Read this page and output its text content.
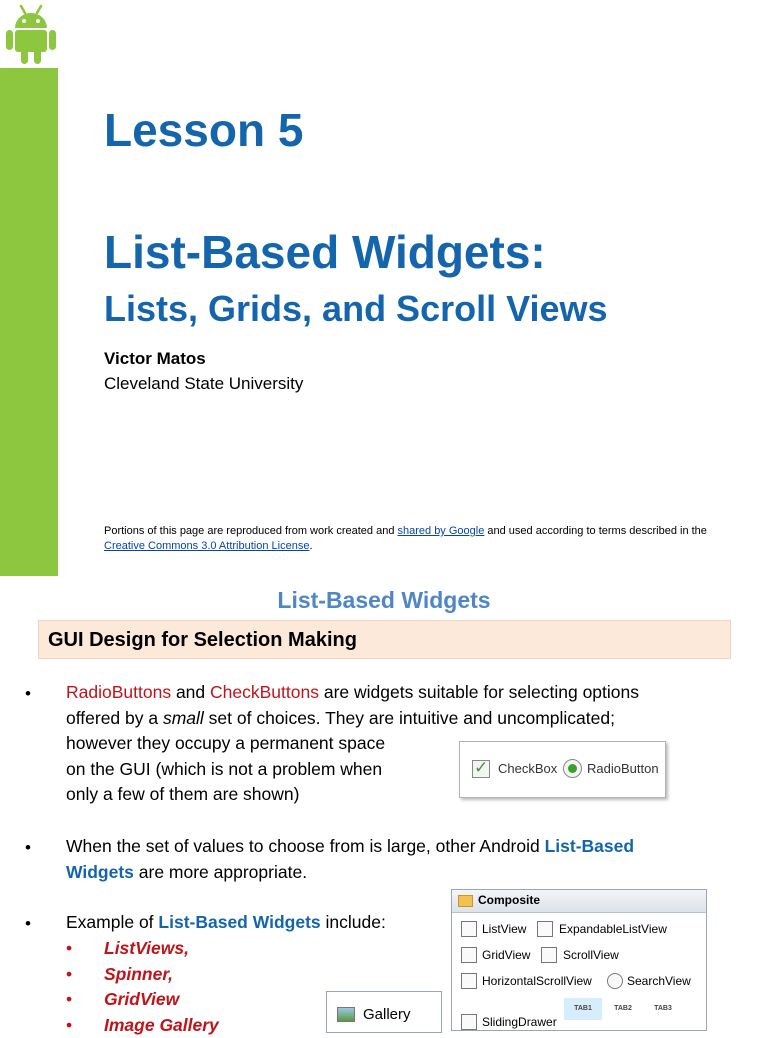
Lesson 5
List-Based Widgets:
Lists, Grids, and Scroll Views
Victor Matos
Cleveland State University
Portions of this page are reproduced from work created and shared by Google and used according to terms described in the Creative Commons 3.0 Attribution License.
List-Based Widgets
GUI Design for Selection Making
• RadioButtons and CheckButtons are widgets suitable for selecting options
offered by a small set of choices. They are intuitive and uncomplicated;
however they occupy a permanent space
on the GUI (which is not a problem when
only a few of them are shown)
✓ CheckBox RadioButton
• When the set of values to choose from is large, other Android List-Based
Widgets are more appropriate.
• Example of List-Based Widgets include:
• ListViews,
• Spinner,
• GridView
• Image Gallery
Composite
ListView	ExpandableListView
GridView	ScrollView
HorizontalScrollView	SearchView
SlidingDrawer
TAB1	TAB2	TAB3
Gallery
